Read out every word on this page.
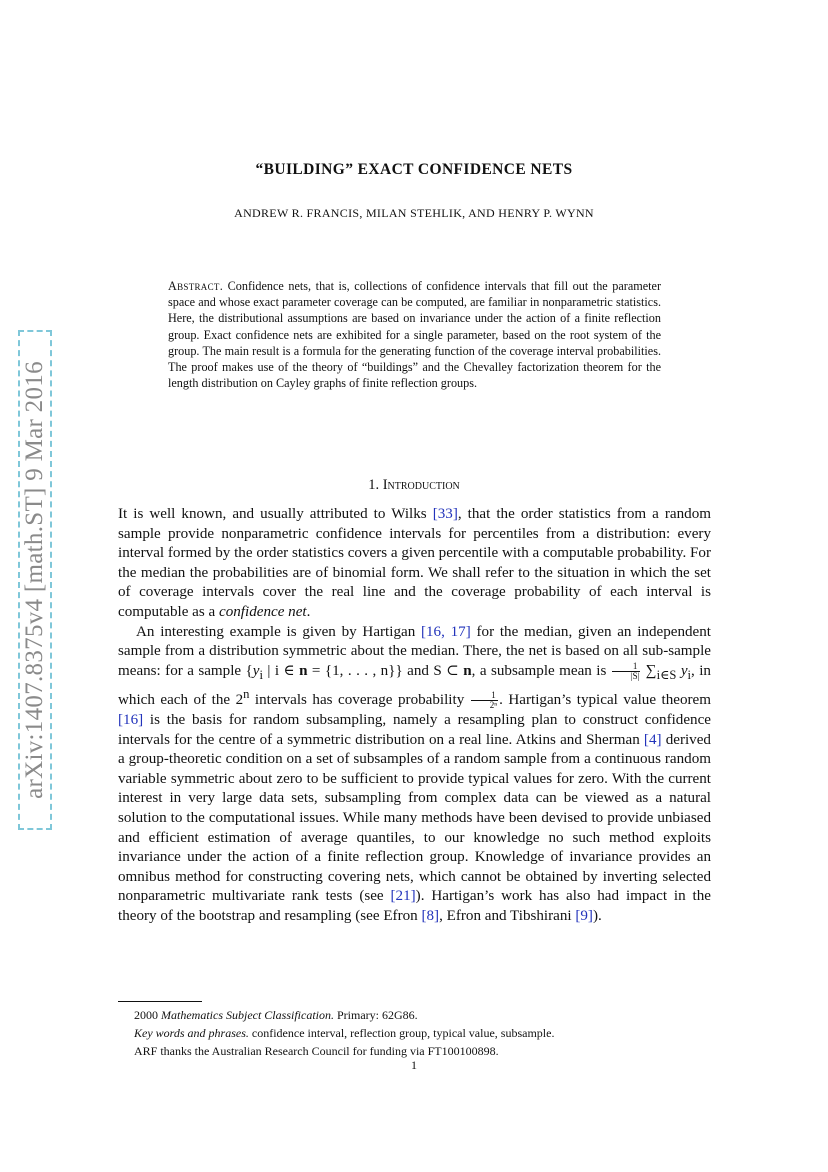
arXiv:1407.8375v4 [math.ST] 9 Mar 2016
“BUILDING” EXACT CONFIDENCE NETS
ANDREW R. FRANCIS, MILAN STEHLIK, AND HENRY P. WYNN
Abstract. Confidence nets, that is, collections of confidence intervals that fill out the parameter space and whose exact parameter coverage can be computed, are familiar in nonparametric statistics. Here, the distributional assumptions are based on invariance under the action of a finite reflection group. Exact confidence nets are exhibited for a single parameter, based on the root system of the group. The main result is a formula for the generating function of the coverage interval probabilities. The proof makes use of the theory of “buildings” and the Chevalley factorization theorem for the length distribution on Cayley graphs of finite reflection groups.
1. Introduction

It is well known, and usually attributed to Wilks [33], that the order statistics from a random sample provide nonparametric confidence intervals for percentiles from a distribution: every interval formed by the order statistics covers a given percentile with a computable probability. For the median the probabilities are of binomial form. We shall refer to the situation in which the set of coverage intervals cover the real line and the coverage probability of each interval is computable as a confidence net.

An interesting example is given by Hartigan [16, 17] for the median, given an independent sample from a distribution symmetric about the median. There, the net is based on all sub-sample means: for a sample {$y_i$ | i ∈ n = {1, . . . , n}} and S ⊂ n, a subsample mean is $\frac{1}{|S|} \sum_{i\in S}$ $y_i$, in which each of the 2$^n$ intervals has coverage probability $\frac{1}{\text{2ⁿ}}$ . Hartigan’s typical value theorem [16] is the basis for random subsampling, namely a resampling plan to construct confidence intervals for the centre of a symmetric distribution on a real line. Atkins and Sherman [4] derived a group-theoretic condition on a set of subsamples of a random sample from a continuous random variable symmetric about zero to be sufficient to provide typical values for zero. With the current interest in very large data sets, subsampling from complex data can be viewed as a natural solution to the computational issues. While many methods have been devised to provide unbiased and efficient estimation of average quantiles, to our knowledge no such method exploits invariance under the action of a finite reflection group. Knowledge of invariance provides an omnibus method for constructing covering nets, which cannot be obtained by inverting selected nonparametric multivariate rank tests (see [21]). Hartigan’s work has also had impact in the theory of the bootstrap and resampling (see Efron [8], Efron and Tibshirani [9]).

2000 Mathematics Subject Classification. Primary: 62G86.
Key words and phrases. confidence interval, reflection group, typical value, subsample.
ARF thanks the Australian Research Council for funding via FT100100898.
1
